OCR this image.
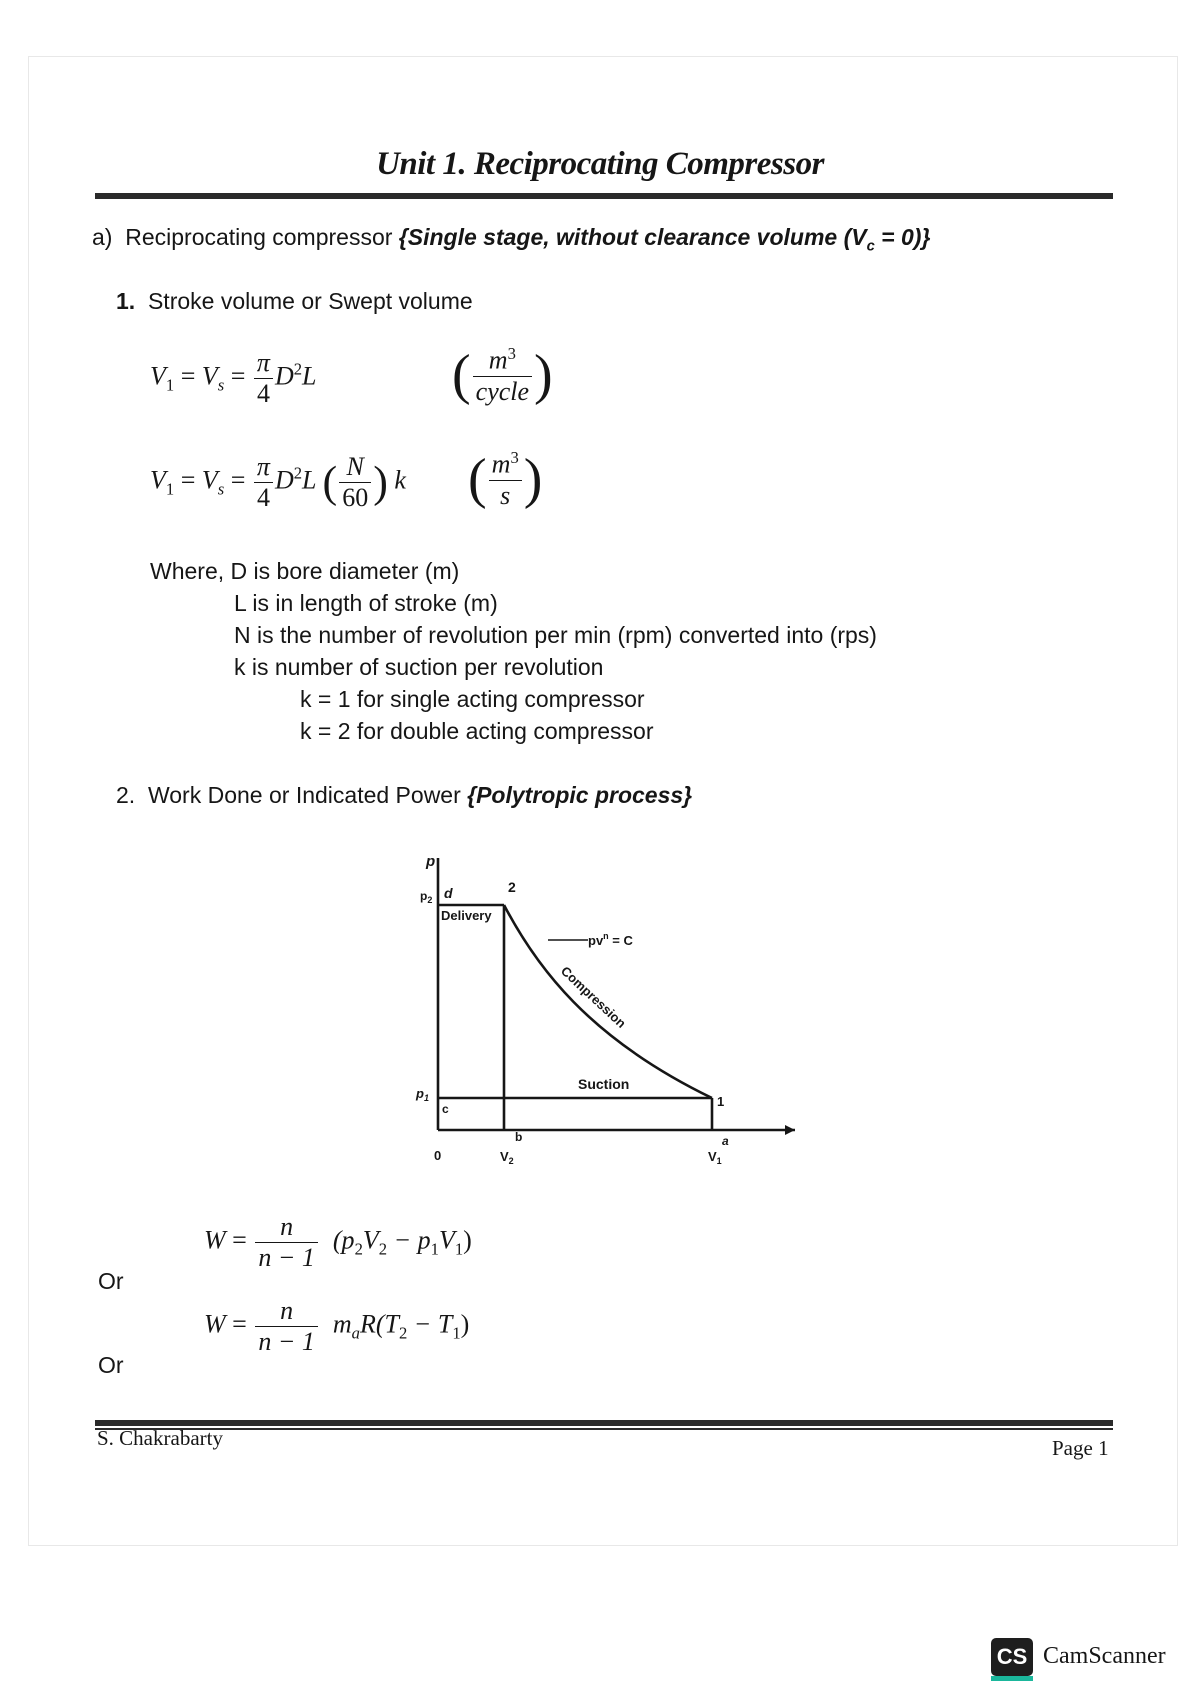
Unit 1. Reciprocating Compressor
a) Reciprocating compressor {Single stage, without clearance volume $(V_c = 0)$}
1. Stroke volume or Swept volume
$V_1 = V_s = \frac{\pi}{4} D^2L$ ( $\frac{m^3}{\text{cycle}}$ )
$V_1 = V_s = \frac{\pi}{4} D^2L$ ( $\frac{N}{60}$ ) k ( $\frac{m^3}{s}$ )
Where, D is bore diameter (m)
L is in length of stroke (m)
N is the number of revolution per min (rpm) converted into (rps)
k is number of suction per revolution
k = 1 for single acting compressor
k = 2 for double acting compressor
2. Work Done or Indicated Power {Polytropic process}
p
$p_2$ d	2
Delivery
$pv^n = C$
Compression
Suction
$p_1$
c	1
b	a
0	$V_2$	$V_1$
$W = \frac{n}{n - 1} (p_2V_2 - p_1V_1)$
Or
$W = \frac{n}{n - 1} m_aR(T_2 - T_1)$
Or
S. Chakrabarty	Page 1
CS CamScanner
